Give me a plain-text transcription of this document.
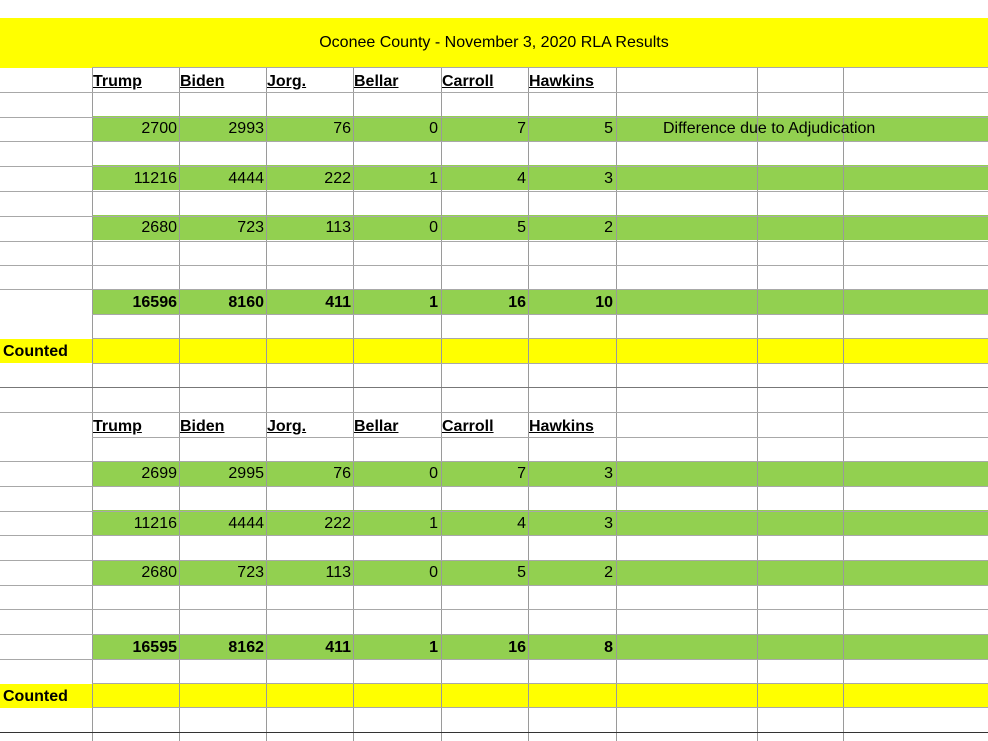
Oconee County - November 3, 2020 RLA Results
Trump	Biden	Jorg.	Bellar	Carroll	Hawkins
2700	2993	76	0	7	5	Difference due to Adjudication
11216	4444	222	1	4	3
2680	723	113	0	5	2
16596	8160	411	1	16	10
Counted
Trump	Biden	Jorg.	Bellar	Carroll	Hawkins
2699	2995	76	0	7	3
11216	4444	222	1	4	3
2680	723	113	0	5	2
16595	8162	411	1	16	8
Counted
